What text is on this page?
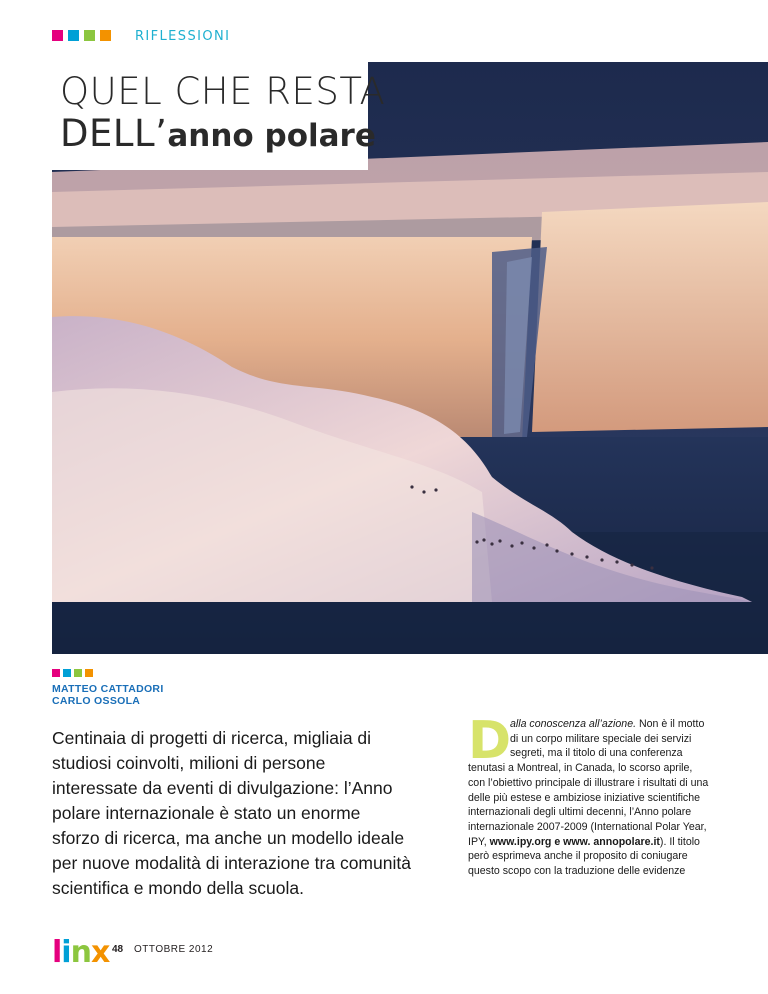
RIFLESSIONI
QUEL CHE RESTA
DELL’anno polare
MATTEO CATTADORI
CARLO OSSOLA
Centinaia di progetti di ricerca, migliaia di studiosi coinvolti, milioni di persone interessate da eventi di divulgazione: l’Anno polare internazionale è stato un enorme sforzo di ricerca, ma anche un modello ideale per nuove modalità di interazione tra comunità scientifica e mondo della scuola.
D
alla conoscenza all’azione. Non è il motto di un corpo militare speciale dei servizi segreti, ma il titolo di una conferenza tenutasi a Montreal, in Canada, lo scorso aprile, con l’obiettivo principale di illustrare i risultati di una delle più estese e ambiziose iniziative scientifiche internazionali degli ultimi decenni, l’Anno polare internazionale 2007-2009 (International Polar Year, IPY, www.ipy.org e www. annopolare.it). Il titolo però esprimeva anche il proposito di coniugare questo scopo con la traduzione delle evidenze
linx 48 OTTOBRE 2012
